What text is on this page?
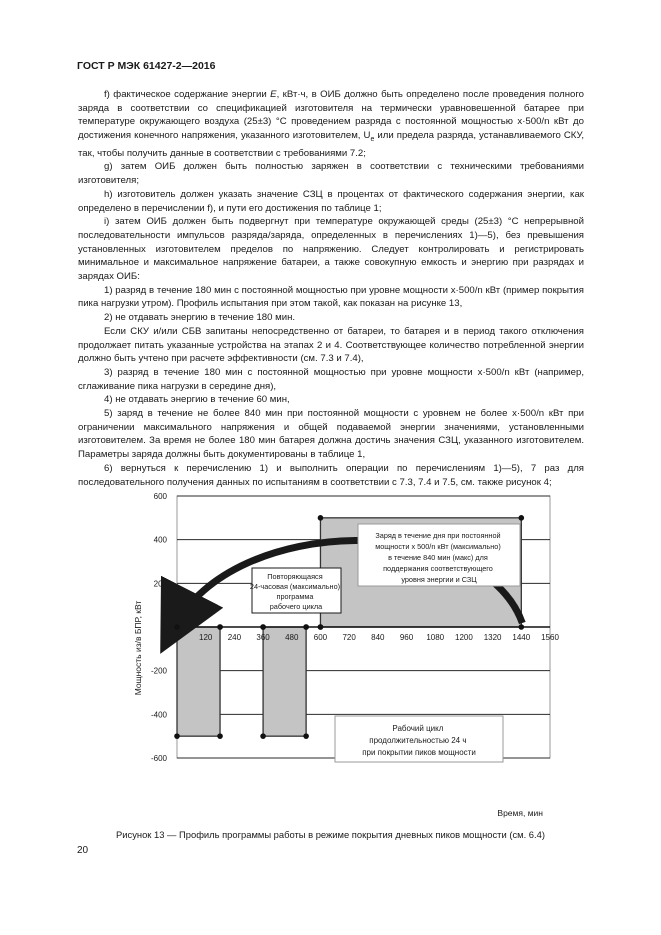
ГОСТ Р МЭК 61427-2—2016

f) фактическое содержание энергии E, кВт·ч, в ОИБ должно быть определено после проведения полного заряда в соответствии со спецификацией изготовителя на термически уравновешенной батарее при температуре окружающего воздуха (25±3) °С проведением разряда с постоянной мощностью x·500/n кВт до достижения конечного напряжения, указанного изготовителем, $U_е$ или предела разряда, устанавливаемого СКУ, так, чтобы получить данные в соответствии с требованиями 7.2;

g) затем ОИБ должен быть полностью заряжен в соответствии с техническими требованиями изготовителя;

h) изготовитель должен указать значение СЗЦ в процентах от фактического содержания энергии, как определено в перечислении f), и пути его достижения по таблице 1;

i) затем ОИБ должен быть подвергнут при температуре окружающей среды (25±3) °С непрерывной последовательности импульсов разряда/заряда, определенных в перечислениях 1)—5), без превышения установленных изготовителем пределов по напряжению. Следует контролировать и регистрировать минимальное и максимальное напряжение батареи, а также совокупную емкость и энергию при разрядах и зарядах ОИБ:

1) разряд в течение 180 мин с постоянной мощностью при уровне мощности x·500/n кВт (пример покрытия пика нагрузки утром). Профиль испытания при этом такой, как показан на рисунке 13,

2) не отдавать энергию в течение 180 мин.

Если СКУ и/или СБВ запитаны непосредственно от батареи, то батарея и в период такого отключения продолжает питать указанные устройства на этапах 2 и 4. Соответствующее количество потребленной энергии должно быть учтено при расчете эффективности (см. 7.3 и 7.4),

3) разряд в течение 180 мин с постоянной мощностью при уровне мощности x·500/n кВт (например, сглаживание пика нагрузки в середине дня),

4) не отдавать энергию в течение 60 мин,

5) заряд в течение не более 840 мин при постоянной мощности с уровнем не более x·500/n кВт при ограничении максимального напряжения и общей подаваемой энергии значениями, установленными изготовителем. За время не более 180 мин батарея должна достичь значения СЗЦ, указанного изготовителем. Параметры заряда должны быть документированы в таблице 1,

6) вернуться к перечислению 1) и выполнить операции по перечислениям 1)—5), 7 раз для последовательного получения данных по испытаниям в соответствии с 7.3, 7.4 и 7.5, см. также рисунок 4;

600
400
200
0
-200
-400
-600
0 120 240 360 480 600 720 840 960 1080 1200 1320 1440 1560
Заряд в течение дня при постоянной мощности x 500/n кВт (максимально) в течение 840 мин (макс) для поддержания соответствующего уровня энергии и СЗЦ
Повторяющаяся 24-часовая (максимально) программа рабочего цикла
Рабочий цикл продолжительностью 24 ч при покрытии пиков мощности
Мощность из/в БПР, кВт
Время, мин
Рисунок 13 — Профиль программы работы в режиме покрытия дневных пиков мощности (см. 6.4)
20
